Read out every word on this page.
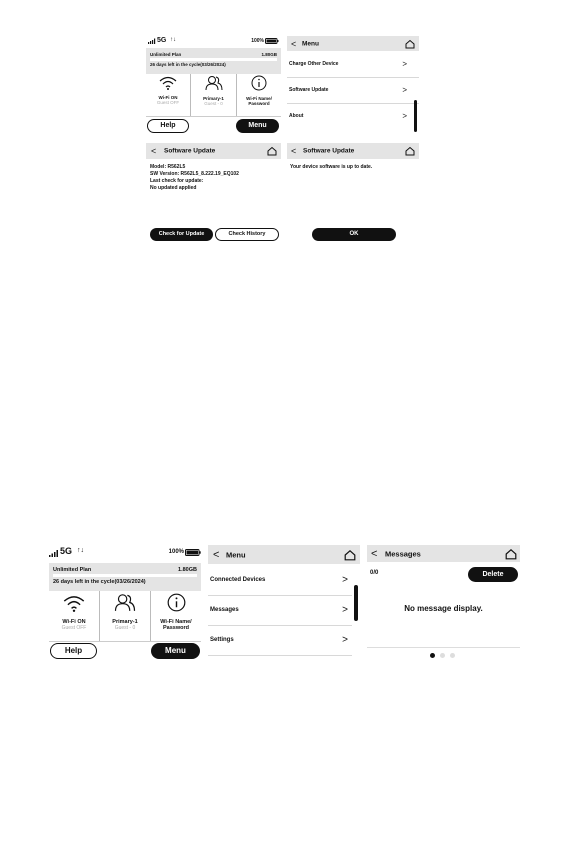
5G ↑↓	100%
Unlimited Plan	1.80GB
26 days left in the cycle(03/26/2024)
Wi-Fi ON
Guest OFF
Primary-1
Guest - 0
Wi-Fi Name/
Password
Help	Menu
< Menu
Charge Other Device	>
Software Update	>
About	>
< Software Update
Model: R562L5
SW Version: R562L5_8.222.19_EQ102
Last check for update:
No updated applied
Check for Update	Check History
< Software Update
Your device software is up to date.
OK
5G ↑↓	100%
Unlimited Plan	1.80GB
26 days left in the cycle(03/26/2024)
Wi-Fi ON
Guest OFF
Primary-1
Guest - 0
Wi-Fi Name/
Password
Help	Menu
< Menu
Connected Devices	>
Messages	>
Settings	>
< Messages
0/0	Delete
No message display.
